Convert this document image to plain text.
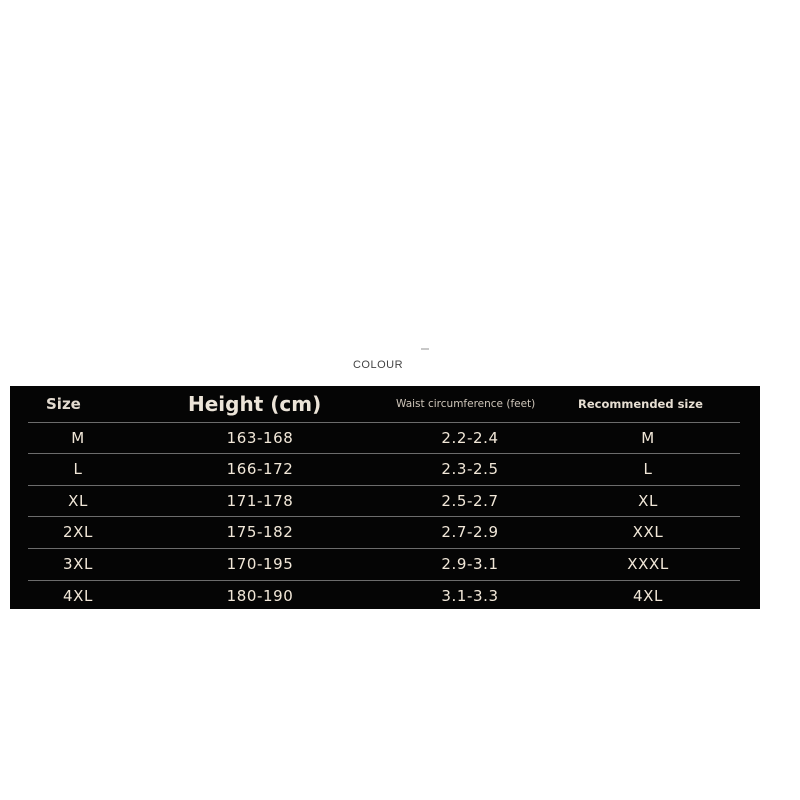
COLOUR
Size	Height (cm)	Waist circumference (feet)	Recommended size
M	163-168	2.2-2.4	M
L	166-172	2.3-2.5	L
XL	171-178	2.5-2.7	XL
2XL	175-182	2.7-2.9	XXL
3XL	170-195	2.9-3.1	XXXL
4XL	180-190	3.1-3.3	4XL
